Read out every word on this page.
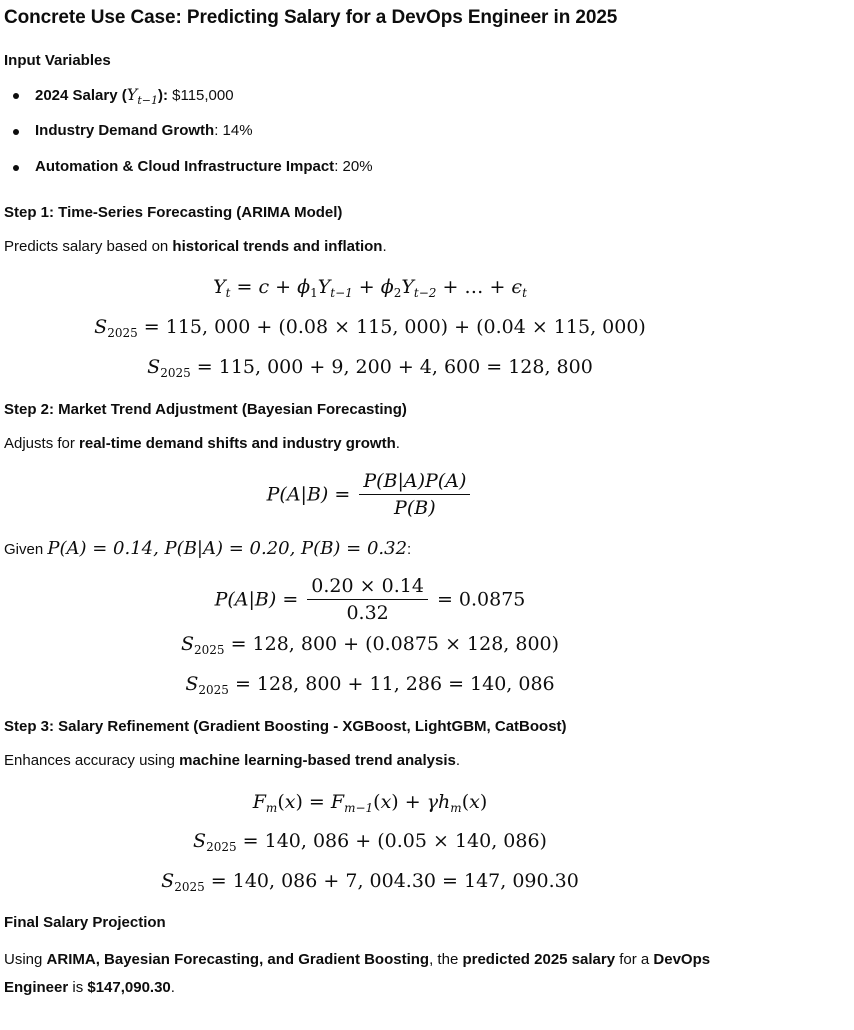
Concrete Use Case: Predicting Salary for a DevOps Engineer in 2025
Input Variables
2024 Salary $(Y_{t-1})$: $115,000
Industry Demand Growth: 14%
Automation & Cloud Infrastructure Impact: 20%
Step 1: Time-Series Forecasting (ARIMA Model)
Predicts salary based on historical trends and inflation.
$Y_t = c + \phi_1Y_{t-1} + \phi_2Y_{t-2}$ + … + $\epsilon_t$
$S_{2025} = 115$, 000 + (0.08 × 115, 000) + (0.04 × 115, 000)
$S_{2025} = 115$, 000 + 9, 200 + 4, 600 = 128, 800
Step 2: Market Trend Adjustment (Bayesian Forecasting)
Adjusts for real-time demand shifts and industry growth.
$P(A|B) = \frac{P(B|A)P(A)}{P(B)}$
Given P(A) = 0.14, P(B|A) = 0.20, P(B) = 0.32:
$P(A|B) = \frac{0.20 \times 0.14}{0.32} = 0.0875$
$S_{2025} = 128$, 800 + (0.0875 × 128, 800)
$S_{2025} = 128$, 800 + 11, 286 = 140, 086
Step 3: Salary Refinement (Gradient Boosting - XGBoost, LightGBM, CatBoost)
Enhances accuracy using machine learning-based trend analysis.
$F_m(x) = F_{m-1}(x) + \gamma h_m(x)$
$S_{2025} = 140$, 086 + (0.05 × 140, 086)
$S_{2025} = 140$, 086 + 7, 004.30 = 147, 090.30
Final Salary Projection
Using ARIMA, Bayesian Forecasting, and Gradient Boosting, the predicted 2025 salary for a DevOps
Engineer is $147,090.30.
